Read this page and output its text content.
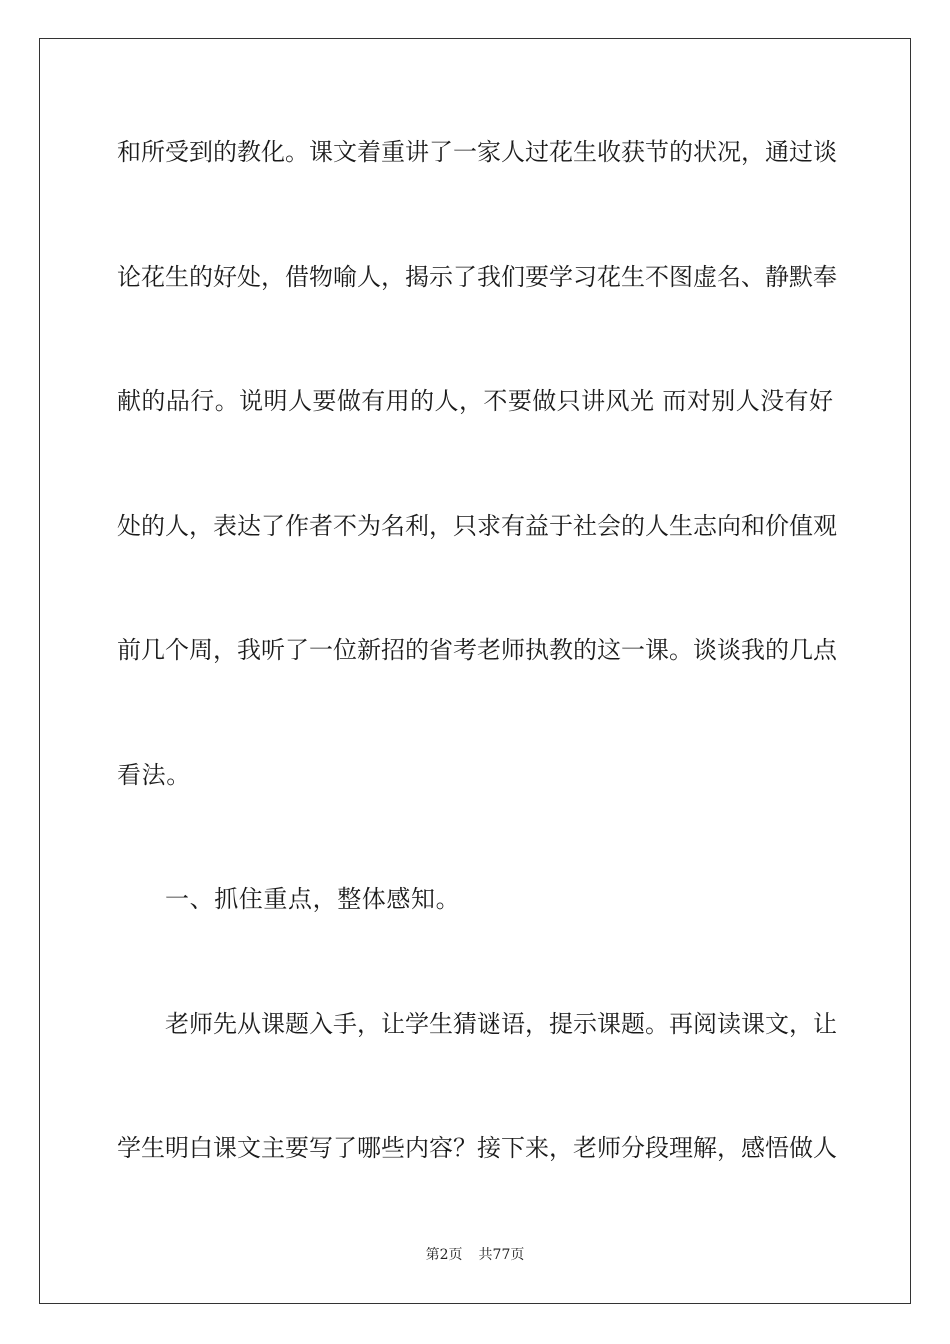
和所受到的教化。课文着重讲了一家人过花生收获节的状况，通过谈
论花生的好处，借物喻人，揭示了我们要学习花生不图虚名、静默奉
献的品行。说明人要做有用的人，不要做只讲风光 而对别人没有好
处的人，表达了作者不为名利，只求有益于社会的人生志向和价值观
前几个周，我听了一位新招的省考老师执教的这一课。谈谈我的几点
看法。
一、抓住重点，整体感知。
老师先从课题入手，让学生猜谜语，提示课题。再阅读课文，让
学生明白课文主要写了哪些内容？接下来，老师分段理解，感悟做人
第2页 共77页
